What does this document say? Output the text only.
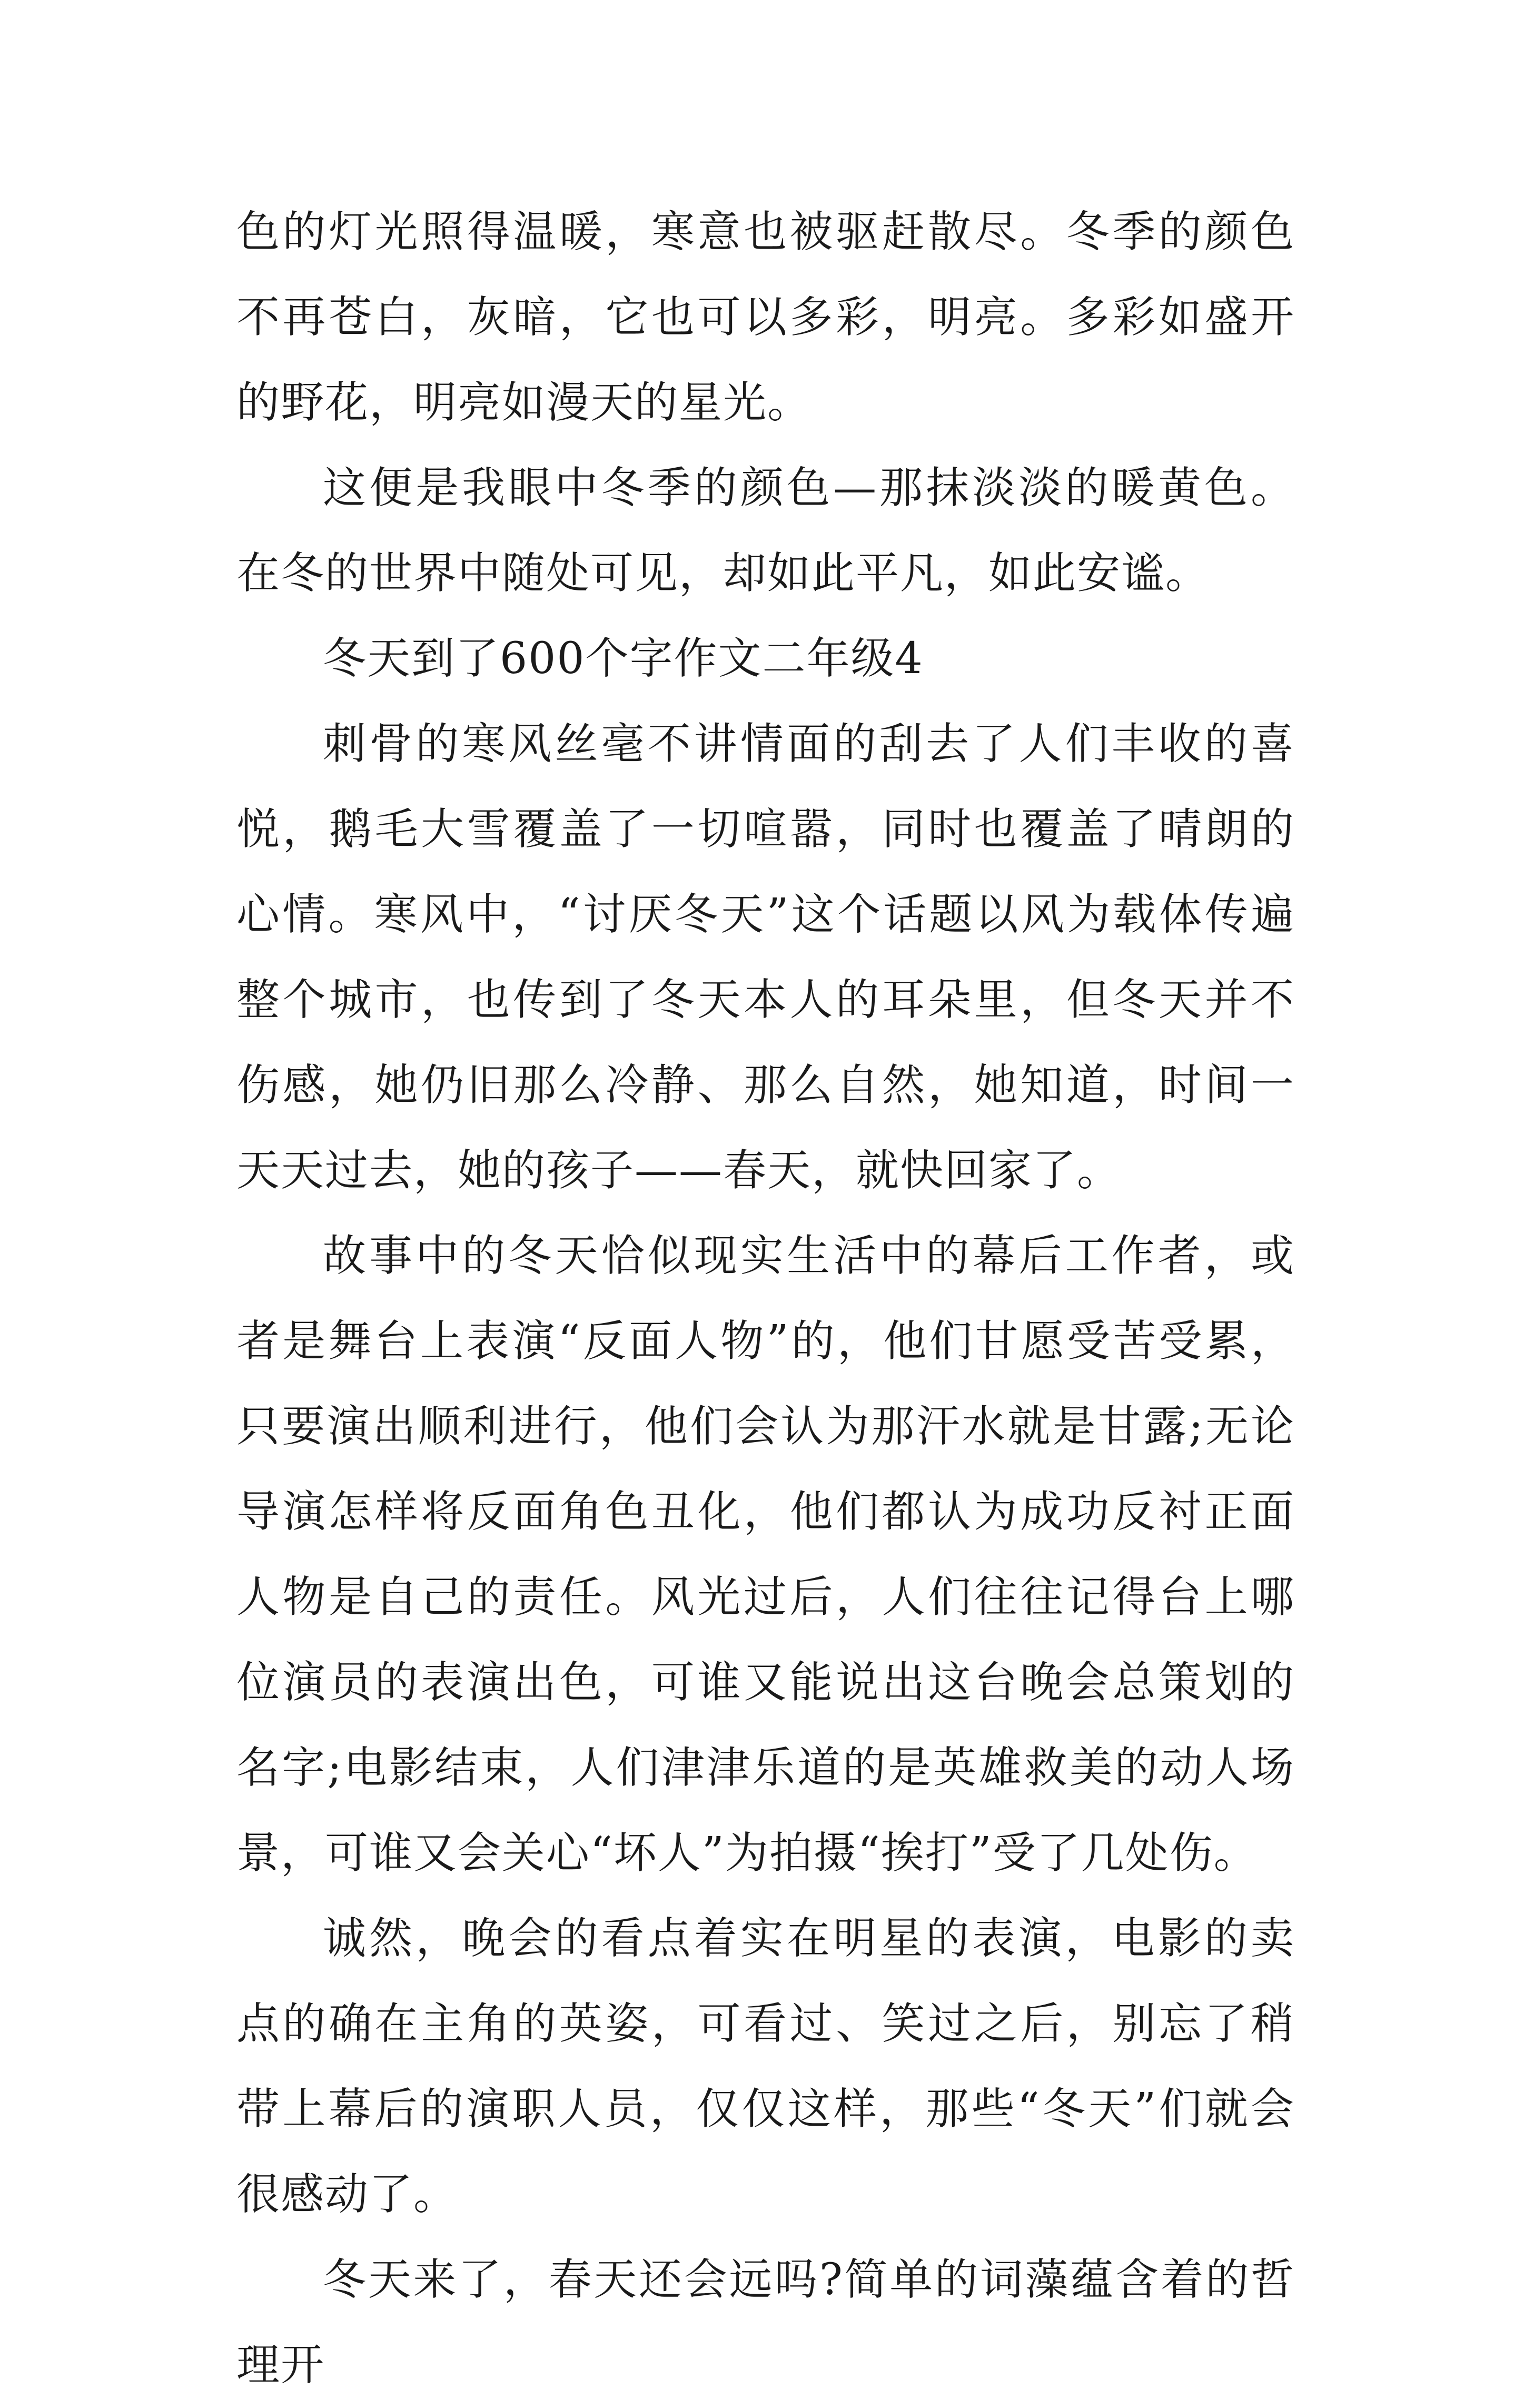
色的灯光照得温暖，寒意也被驱赶散尽。冬季的颜色不再苍白，灰暗，它也可以多彩，明亮。多彩如盛开的野花，明亮如漫天的星光。

这便是我眼中冬季的颜色—那抹淡淡的暖黄色。在冬的世界中随处可见，却如此平凡，如此安谧。

冬天到了600个字作文二年级4

刺骨的寒风丝毫不讲情面的刮去了人们丰收的喜悦，鹅毛大雪覆盖了一切喧嚣，同时也覆盖了晴朗的心情。寒风中，“讨厌冬天”这个话题以风为载体传遍整个城市，也传到了冬天本人的耳朵里，但冬天并不伤感，她仍旧那么冷静、那么自然，她知道，时间一天天过去，她的孩子——春天，就快回家了。

故事中的冬天恰似现实生活中的幕后工作者，或者是舞台上表演“反面人物”的，他们甘愿受苦受累，只要演出顺利进行，他们会认为那汗水就是甘露;无论导演怎样将反面角色丑化，他们都认为成功反衬正面人物是自己的责任。风光过后，人们往往记得台上哪位演员的表演出色，可谁又能说出这台晚会总策划的名字;电影结束，人们津津乐道的是英雄救美的动人场景，可谁又会关心“坏人”为拍摄“挨打”受了几处伤。

诚然，晚会的看点着实在明星的表演，电影的卖点的确在主角的英姿，可看过、笑过之后，别忘了稍带上幕后的演职人员，仅仅这样，那些“冬天”们就会很感动了。

冬天来了，春天还会远吗?简单的词藻蕴含着的哲理开
